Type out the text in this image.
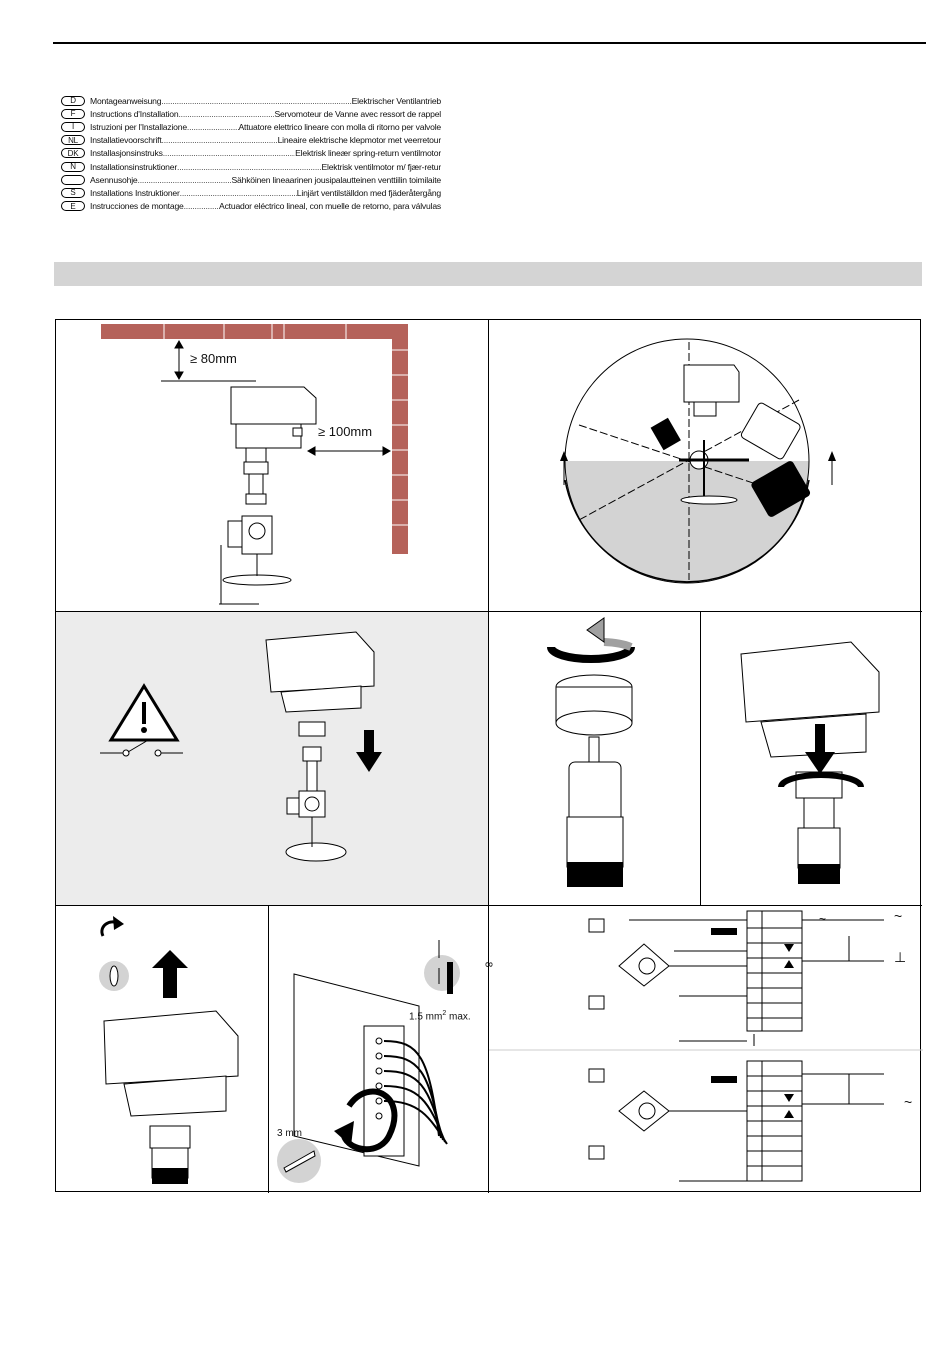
D	Montageanweisung .....	Elektrischer Ventilantrieb
F	Instructions d'Installation .....	Servomoteur de Vanne avec ressort de rappel
I	Istruzioni per l'Installazione .....	Attuatore elettrico lineare con molla di ritorno per valvole
NL	Installatievoorschrift .....	Lineaire elektrische klepmotor met veerretour
DK	Installasjonsinstruks .....	Elektrisk lineær spring-return ventilmotor
N	Installationsinstruktioner .....	Elektrisk ventilmotor m/ fjær-retur
Asennusohje .....	Sähköinen lineaarinen jousipalautteinen venttiilin toimilaite
S	Installations Instruktioner .....	Linjärt ventilställdon med fjäderåtergång
E	Instrucciones de montage .....	Actuador eléctrico lineal, con muelle de retorno, para válvulas
≥ 80mm
≥ 100mm
8
1.5 $mm^2$ max.
3 mm
~	~
⊥
~
